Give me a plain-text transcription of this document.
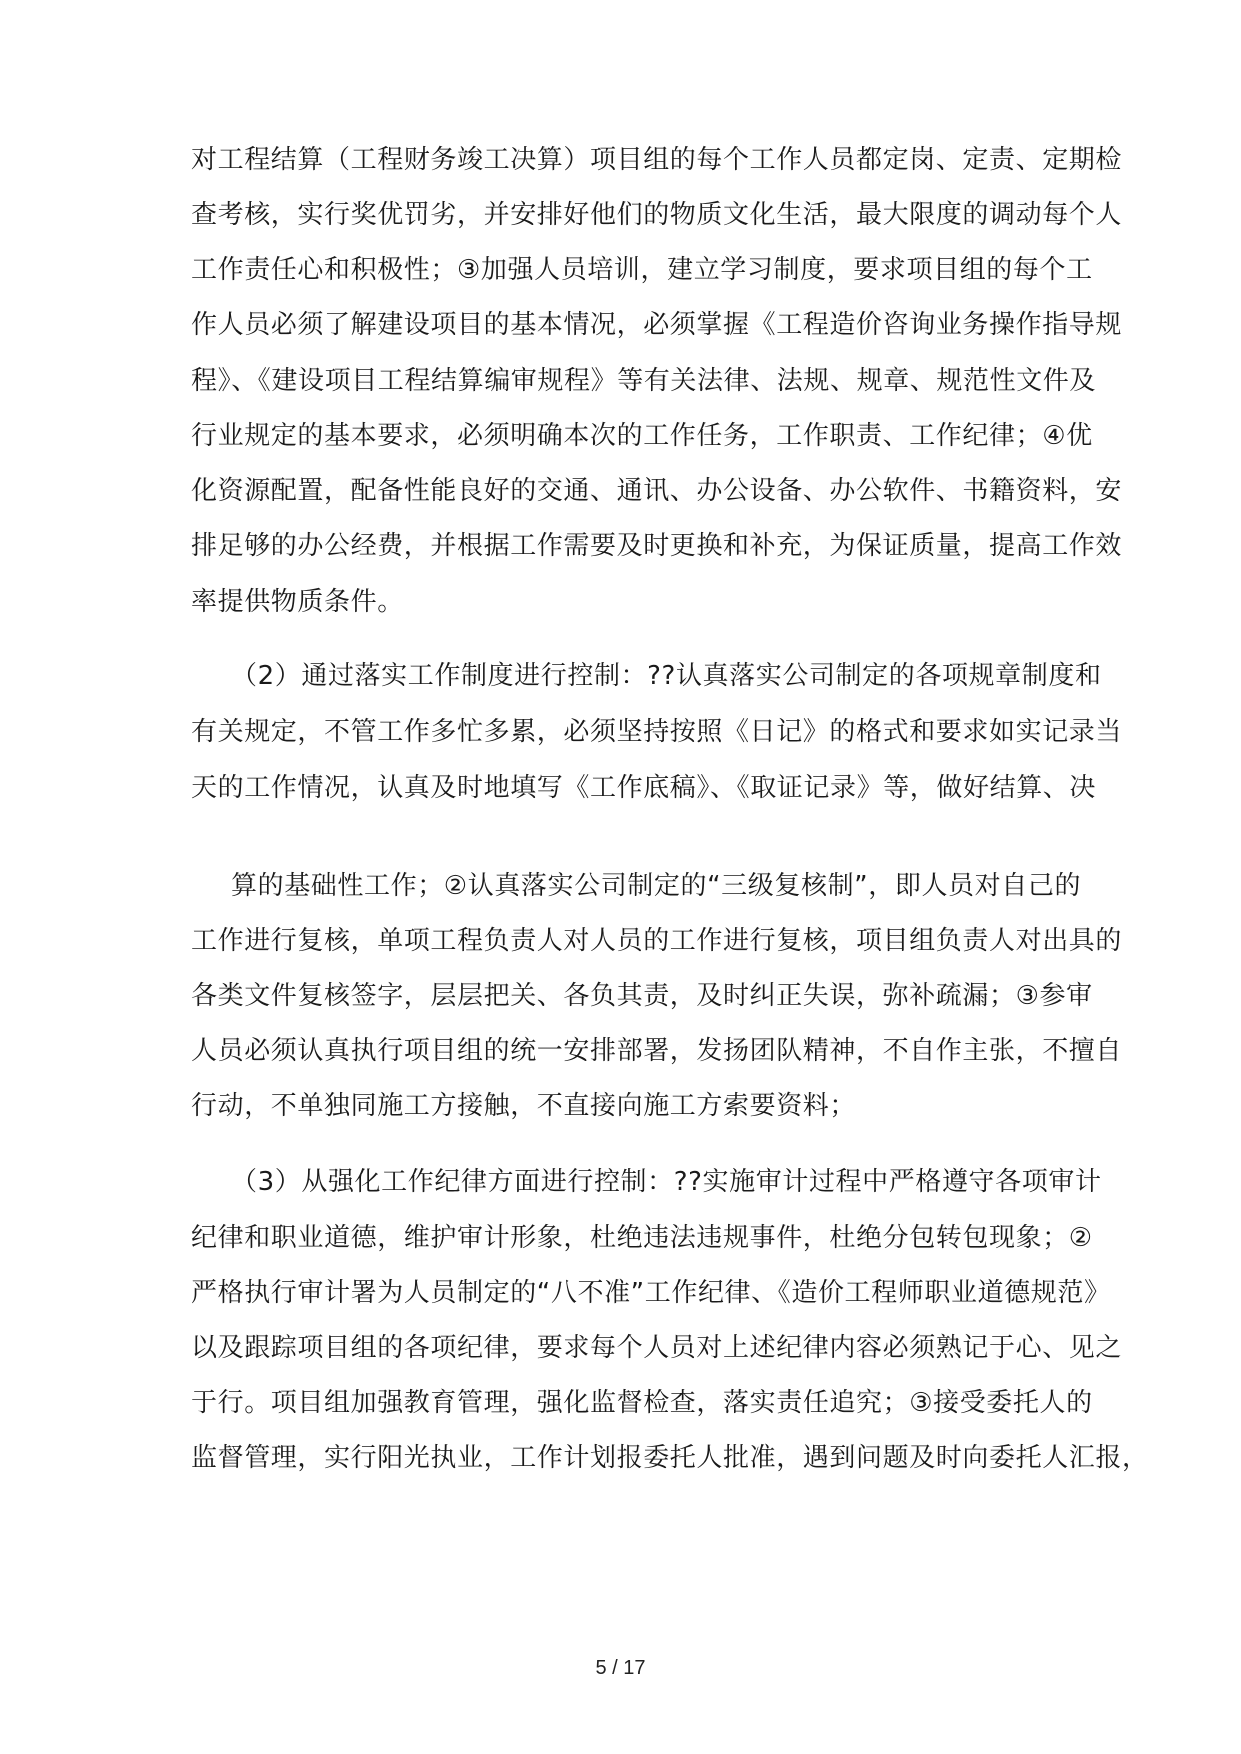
对工程结算（工程财务竣工决算）项目组的每个工作人员都定岗、定责、定期检
查考核，实行奖优罚劣，并安排好他们的物质文化生活，最大限度的调动每个人
工作责任心和积极性；③加强人员培训，建立学习制度，要求项目组的每个工
作人员必须了解建设项目的基本情况，必须掌握《工程造价咨询业务操作指导规
程》、《建设项目工程结算编审规程》等有关法律、法规、规章、规范性文件及
行业规定的基本要求，必须明确本次的工作任务，工作职责、工作纪律；④优
化资源配置，配备性能良好的交通、通讯、办公设备、办公软件、书籍资料，安
排足够的办公经费，并根据工作需要及时更换和补充，为保证质量，提高工作效
率提供物质条件。
（2）通过落实工作制度进行控制：??认真落实公司制定的各项规章制度和
有关规定，不管工作多忙多累，必须坚持按照《日记》的格式和要求如实记录当
天的工作情况，认真及时地填写《工作底稿》、《取证记录》等，做好结算、决
算的基础性工作；②认真落实公司制定的“三级复核制”，即人员对自己的
工作进行复核，单项工程负责人对人员的工作进行复核，项目组负责人对出具的
各类文件复核签字，层层把关、各负其责，及时纠正失误，弥补疏漏；③参审
人员必须认真执行项目组的统一安排部署，发扬团队精神，不自作主张，不擅自
行动，不单独同施工方接触，不直接向施工方索要资料；
（3）从强化工作纪律方面进行控制：??实施审计过程中严格遵守各项审计
纪律和职业道德，维护审计形象，杜绝违法违规事件，杜绝分包转包现象；②
严格执行审计署为人员制定的“八不准”工作纪律、《造价工程师职业道德规范》
以及跟踪项目组的各项纪律，要求每个人员对上述纪律内容必须熟记于心、见之
于行。项目组加强教育管理，强化监督检查，落实责任追究；③接受委托人的
监督管理，实行阳光执业，工作计划报委托人批准，遇到问题及时向委托人汇报，
5 / 17
